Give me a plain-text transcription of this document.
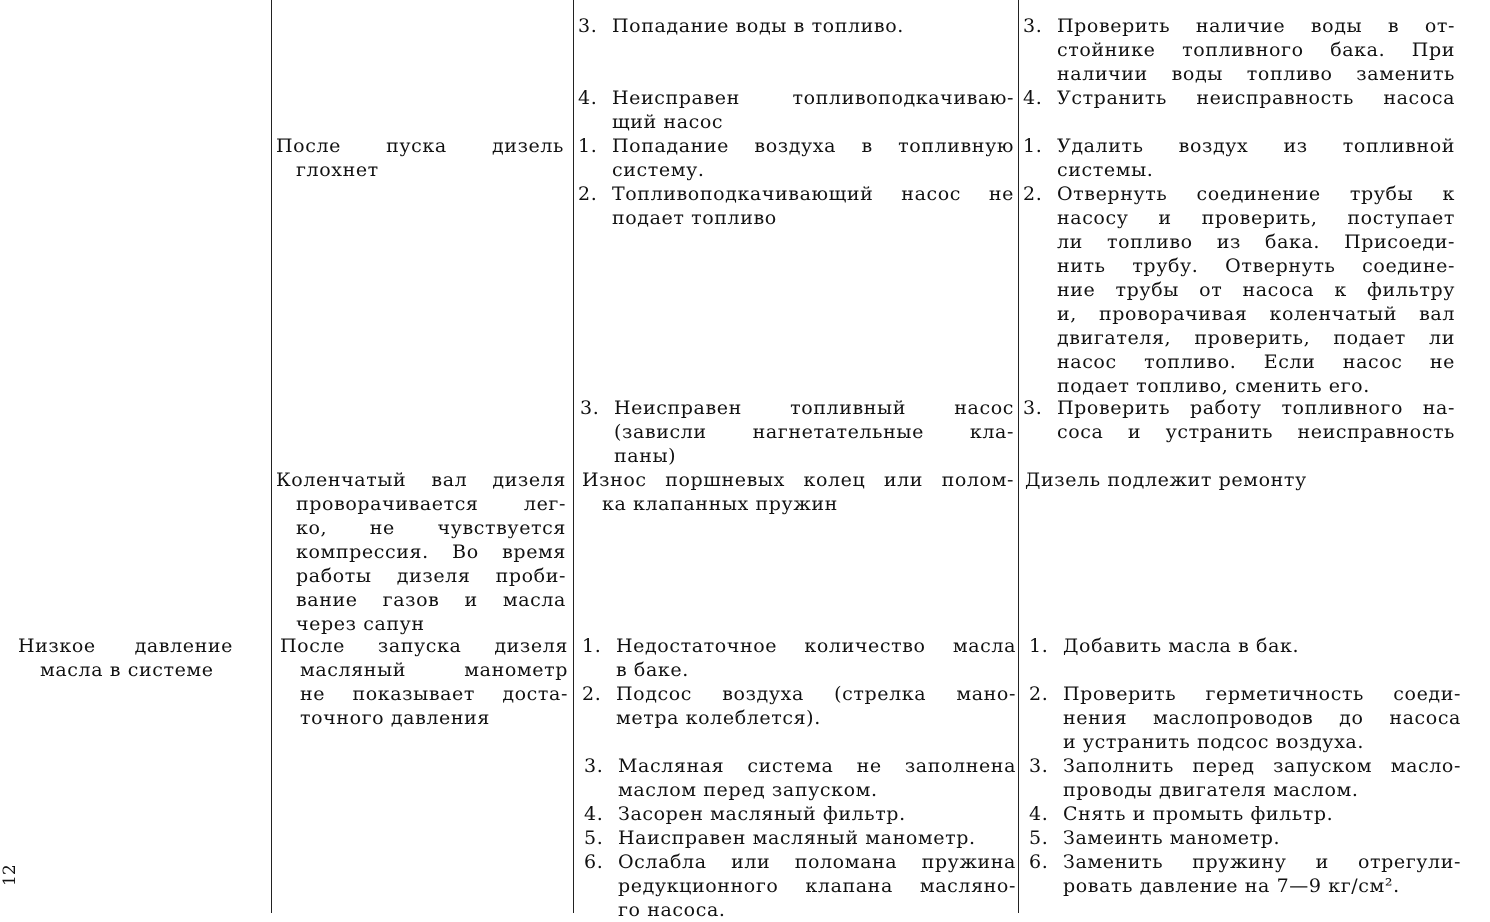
12
3. Попадание воды в топливо.
4. Неисправен топливоподкачиваю-
щий насос
3. Проверить наличие воды в от-
стойнике топливного бака. При
наличии воды топливо заменить
4. Устранить неисправность насоса
После пуска дизель
глохнет
1. Попадание воздуха в топливную
систему.
2. Топливоподкачивающий насос не
подает топливо
3. Неисправен топливный насос
(зависли нагнетательные кла-
паны)
1. Удалить воздух из топливной
системы.
2. Отвернуть соединение трубы к
насосу и проверить, поступает
ли топливо из бака. Присоеди-
нить трубу. Отвернуть соедине-
ние трубы от насоса к фильтру
и, проворачивая коленчатый вал
двигателя, проверить, подает ли
насос топливо. Если насос не
подает топливо, сменить его.
3. Проверить работу топливного на-
соса и устранить неисправность
Коленчатый вал дизеля
проворачивается лег-
ко, не чувствуется
компрессия. Во время
работы дизеля проби-
вание газов и масла
через сапун
Износ поршневых колец или полом-
ка клапанных пружин
Дизель подлежит ремонту
Низкое давление
масла в системе
После запуска дизеля
масляный манометр
не показывает доста-
точного давления
1. Недостаточное количество масла
в баке.
2. Подсос воздуха (стрелка мано-
метра колеблется).
3. Масляная система не заполнена
маслом перед запуском.
4. Засорен масляный фильтр.
5. Наисправен масляный манометр.
6. Ослабла или поломана пружина
редукционного клапана масляно-
го насоса.
1. Добавить масла в бак.
2. Проверить герметичность соеди-
нения маслопроводов до насоса
и устранить подсос воздуха.
3. Заполнить перед запуском масло-
проводы двигателя маслом.
4. Снять и промыть фильтр.
5. Замеинть манометр.
6. Заменить пружину и отрегули-
ровать давление на 7—9 кг/см².
